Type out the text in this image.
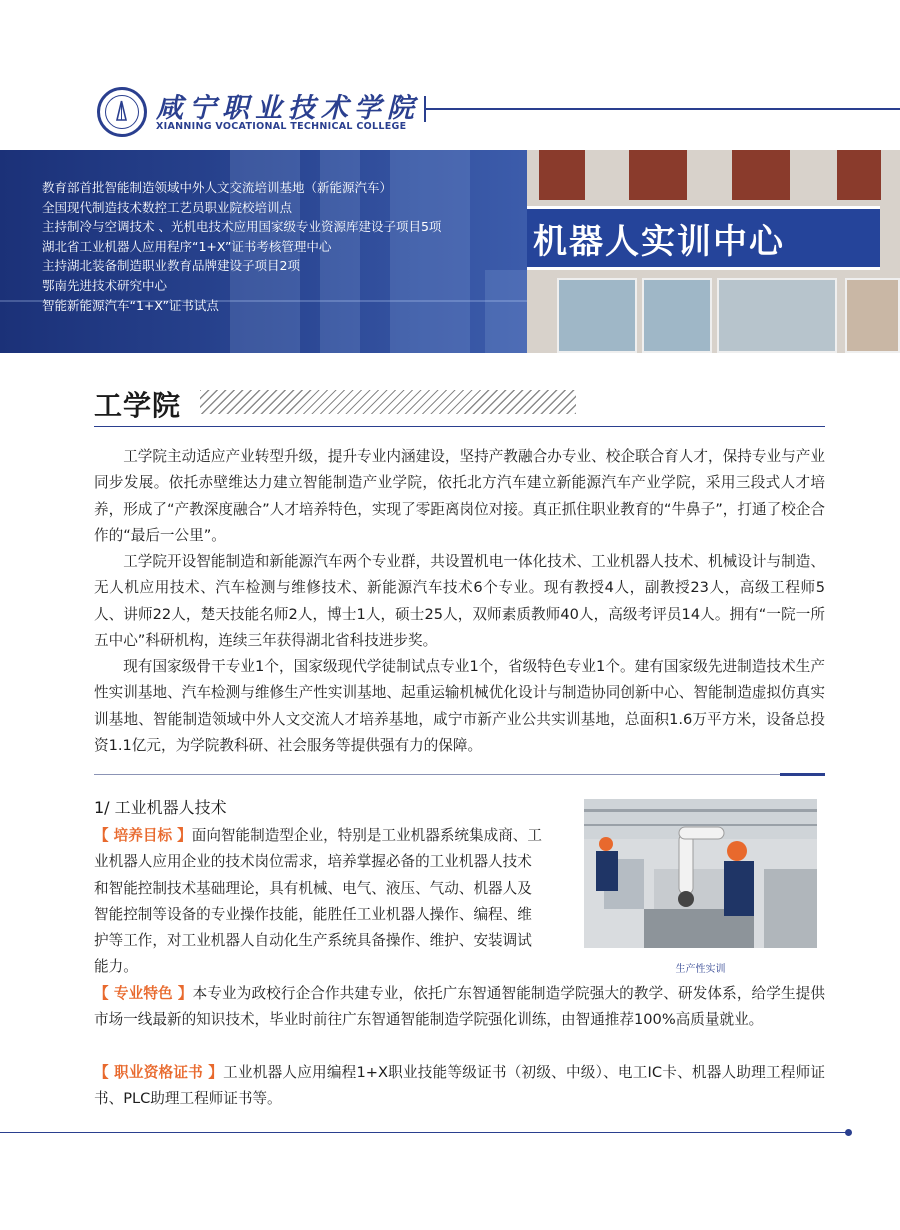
咸宁职业技术学院
XIANNING VOCATIONAL TECHNICAL COLLEGE
机器人实训中心
教育部首批智能制造领域中外人文交流培训基地（新能源汽车）
全国现代制造技术数控工艺员职业院校培训点
主持制冷与空调技术 、光机电技术应用国家级专业资源库建设子项目5项
湖北省工业机器人应用程序“1+X”证书考核管理中心
主持湖北装备制造职业教育品牌建设子项目2项
鄂南先进技术研究中心
智能新能源汽车“1+X”证书试点
工学院

工学院主动适应产业转型升级，提升专业内涵建设，坚持产教融合办专业、校企联合育人才，保持专业与产业同步发展。依托赤壁维达力建立智能制造产业学院，依托北方汽车建立新能源汽车产业学院，采用三段式人才培养，形成了“产教深度融合”人才培养特色，实现了零距离岗位对接。真正抓住职业教育的“牛鼻子”，打通了校企合作的“最后一公里”。

工学院开设智能制造和新能源汽车两个专业群，共设置机电一体化技术、工业机器人技术、机械设计与制造、无人机应用技术、汽车检测与维修技术、新能源汽车技术6个专业。现有教授4人，副教授23人，高级工程师5人、讲师22人，楚天技能名师2人，博士1人，硕士25人，双师素质教师40人，高级考评员14人。拥有“一院一所五中心”科研机构，连续三年获得湖北省科技进步奖。

现有国家级骨干专业1个，国家级现代学徒制试点专业1个，省级特色专业1个。建有国家级先进制造技术生产性实训基地、汽车检测与维修生产性实训基地、起重运输机械优化设计与制造协同创新中心、智能制造虚拟仿真实训基地、智能制造领域中外人文交流人才培养基地，咸宁市新产业公共实训基地，总面积1.6万平方米，设备总投资1.1亿元，为学院教科研、社会服务等提供强有力的保障。

1/ 工业机器人技术
【 培养目标 】面向智能制造型企业，特别是工业机器系统集成商、工
业机器人应用企业的技术岗位需求，培养掌握必备的工业机器人技术
和智能控制技术基础理论，具有机械、电气、液压、气动、机器人及
智能控制等设备的专业操作技能，能胜任工业机器人操作、编程、维
护等工作，对工业机器人自动化生产系统具备操作、维护、安装调试
能力。	生产性实训

【 专业特色 】本专业为政校行企合作共建专业，依托广东智通智能制造学院强大的教学、研发体系，给学生提供市场一线最新的知识技术，毕业时前往广东智通智能制造学院强化训练，由智通推荐100%高质量就业。

【 职业资格证书 】工业机器人应用编程1+X职业技能等级证书（初级、中级）、电工IC卡、机器人助理工程师证书、PLC助理工程师证书等。
